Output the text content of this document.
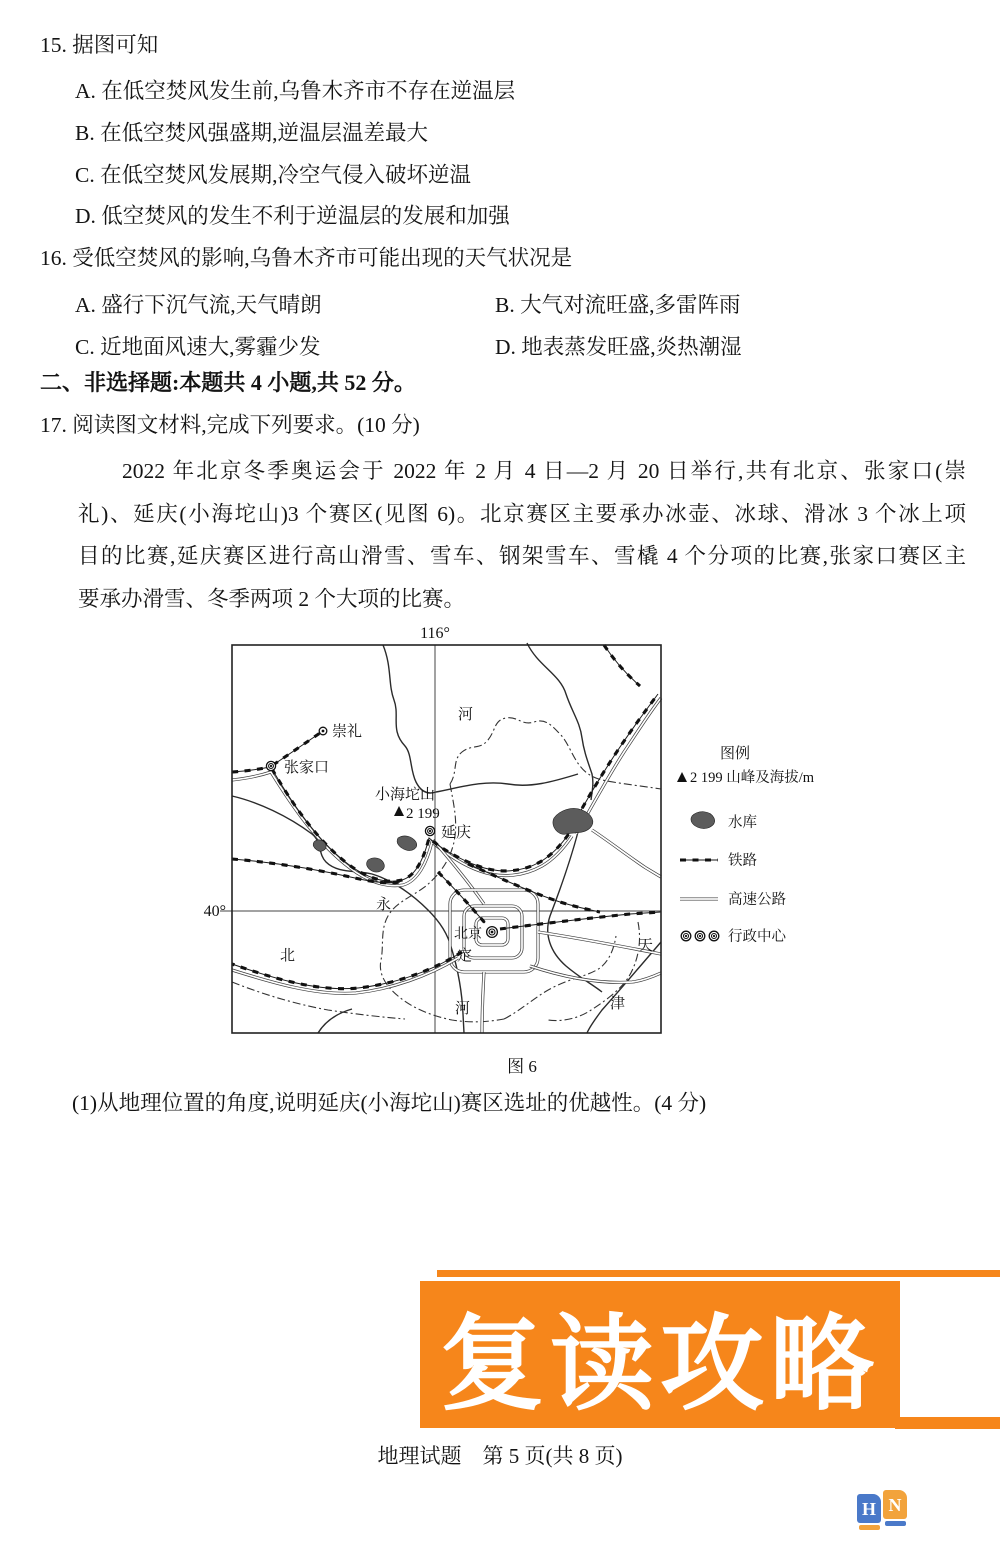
15. 据图可知
A. 在低空焚风发生前,乌鲁木齐市不存在逆温层
B. 在低空焚风强盛期,逆温层温差最大
C. 在低空焚风发展期,冷空气侵入破坏逆温
D. 低空焚风的发生不利于逆温层的发展和加强
16. 受低空焚风的影响,乌鲁木齐市可能出现的天气状况是
A. 盛行下沉气流,天气晴朗	B. 大气对流旺盛,多雷阵雨
C. 近地面风速大,雾霾少发	D. 地表蒸发旺盛,炎热潮湿
二、非选择题:本题共 4 小题,共 52 分。
17. 阅读图文材料,完成下列要求。(10 分)
2022 年北京冬季奥运会于 2022 年 2 月 4 日—2 月 20 日举行,共有北京、张家口(崇
礼)、延庆(小海坨山)3 个赛区(见图 6)。北京赛区主要承办冰壶、冰球、滑冰 3 个冰上项
目的比赛,延庆赛区进行高山滑雪、雪车、钢架雪车、雪橇 4 个分项的比赛,张家口赛区主
要承办滑雪、冬季两项 2 个大项的比赛。
116°
40°
崇礼
张家口
小海坨山
2 199
延庆
北京
河
永
定
河
北
天
津
图例
2 199 山峰及海拔/m
水库
铁路
高速公路
行政中心
图 6
(1)从地理位置的角度,说明延庆(小海坨山)赛区选址的优越性。(4 分)
复读攻略
地理试题　第 5 页(共 8 页)
H N
